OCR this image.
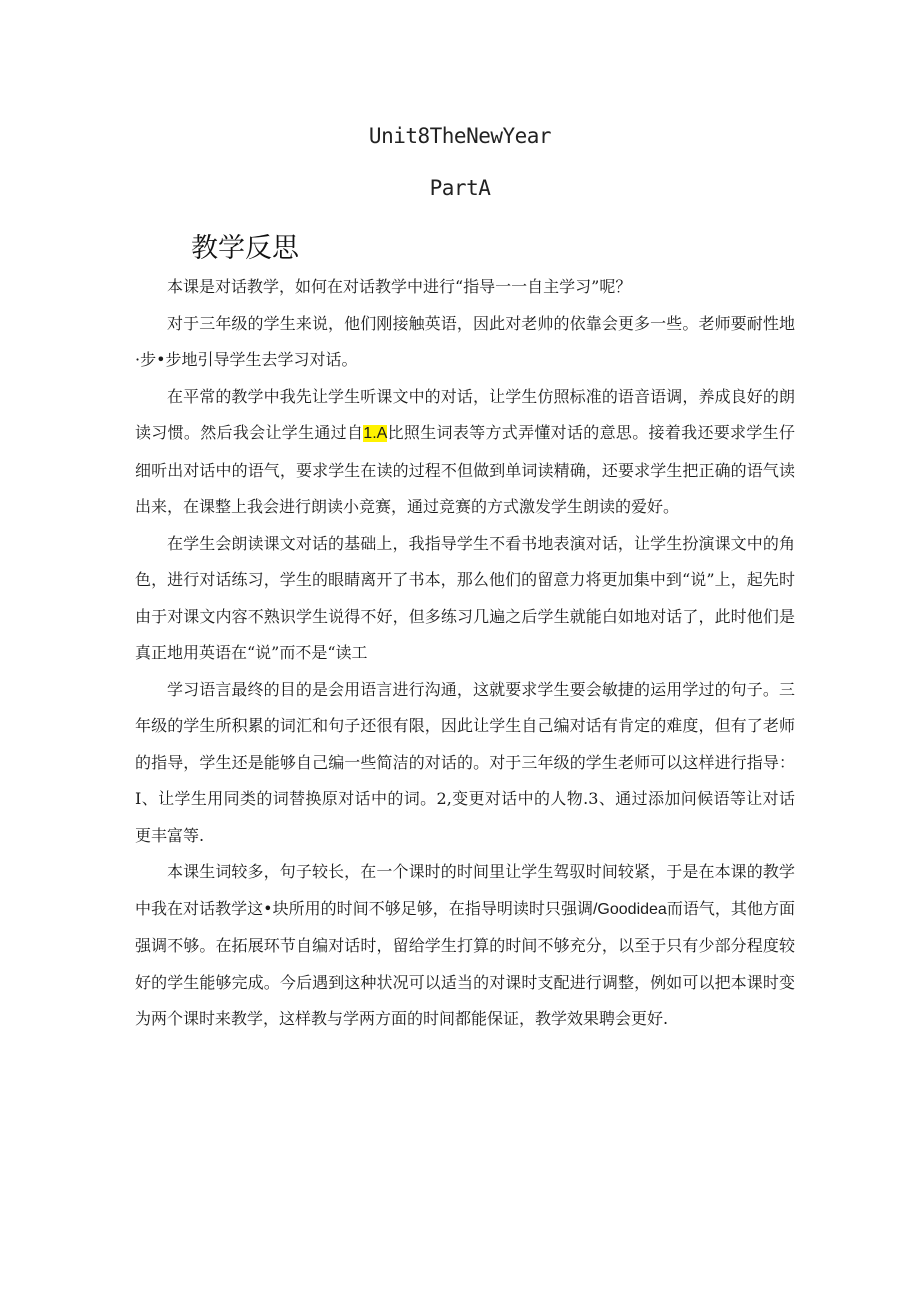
Unit8TheNewYear
PartA
教学反思

本课是对话教学，如何在对话教学中进行“指导一一自主学习”呢？

对于三年级的学生来说，他们刚接触英语，因此对老帅的依靠会更多一些。老师要耐性地·步•步地引导学生去学习对话。

在平常的教学中我先让学生听课文中的对话，让学生仿照标准的语音语调，养成良好的朗读习惯。然后我会让学生通过自1.A比照生词表等方式弄懂对话的意思。接着我还要求学生仔细听出对话中的语气，要求学生在读的过程不但做到单词读精确，还要求学生把正确的语气读出来，在课整上我会进行朗读小竞赛，通过竞赛的方式激发学生朗读的爱好。

在学生会朗读课文对话的基础上，我指导学生不看书地表演对话，让学生扮演课文中的角色，进行对话练习，学生的眼睛离开了书本，那么他们的留意力将更加集中到“说”上，起先时由于对课文内容不熟识学生说得不好，但多练习几遍之后学生就能白如地对话了，此时他们是真正地用英语在“说”而不是“读工

学习语言最终的目的是会用语言进行沟通，这就要求学生要会敏捷的运用学过的句子。三年级的学生所积累的词汇和句子还很有限，因此让学生自己编对话有肯定的难度，但有了老师的指导，学生还是能够自己编一些简洁的对话的。对于三年级的学生老师可以这样进行指导：I、让学生用同类的词替换原对话中的词。2,变更对话中的人物.3、通过添加问候语等让对话更丰富等.

本课生词较多，句子较长，在一个课时的时间里让学生驾驭时间较紧，于是在本课的教学中我在对话教学这•块所用的时间不够足够，在指导明读时只强调/Goodidea而语气，其他方面强调不够。在拓展环节自编对话时，留给学生打算的时间不够充分，以至于只有少部分程度较好的学生能够完成。今后遇到这种状况可以适当的对课时支配进行调整，例如可以把本课时变为两个课时来教学，这样教与学两方面的时间都能保证，教学效果聘会更好.
